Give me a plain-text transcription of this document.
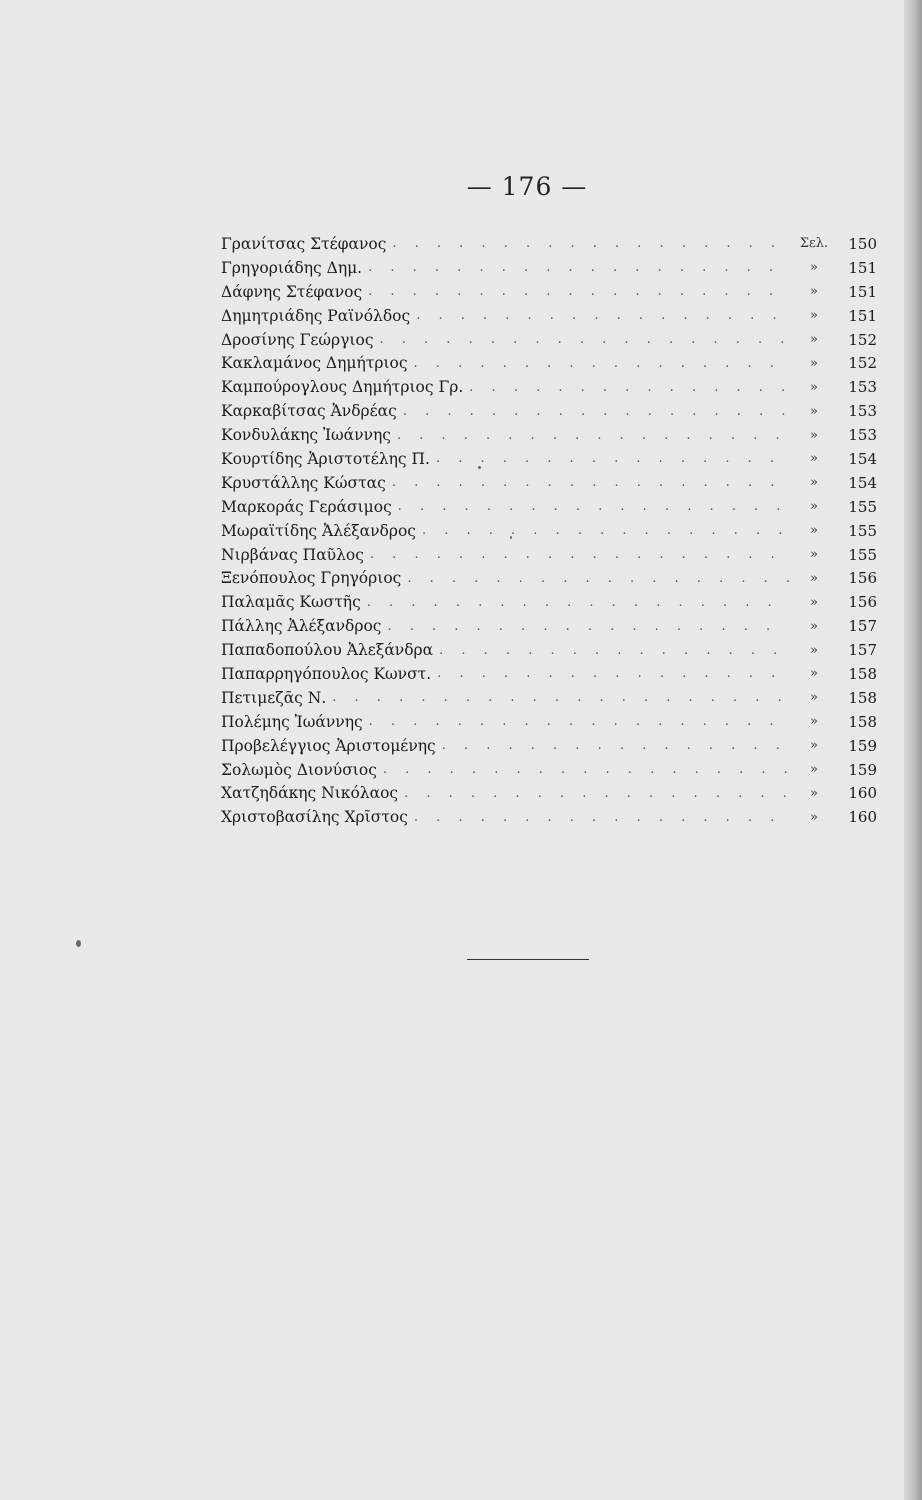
— 176 —
Γρανίτσας Στέφανος . . .	Σελ.	150
Γρηγοριάδης Δημ. . . .	»	151
Δάφνης Στέφανος . . .	»	151
Δημητριάδης Ραϊνόλδος . . .	»	151
Δροσίνης Γεώργιος . . .	»	152
Κακλαμάνος Δημήτριος . . .	»	152
Καμπούρογλους Δημήτριος Γρ. . . .	»	153
Καρκαβίτσας Ἀνδρέας . . .	»	153
Κονδυλάκης Ἰωάννης . . .	»	153
Κουρτίδης Ἀριστοτέλης Π. . . .	»	154
Κρυστάλλης Κώστας . . .	»	154
Μαρκοράς Γεράσιμος . . .	»	155
Μωραϊτίδης Ἀλέξανδρος . . .	»	155
Νιρβάνας Παῦλος . . .	»	155
Ξενόπουλος Γρηγόριος . . .	»	156
Παλαμᾶς Κωστῆς . . .	»	156
Πάλλης Ἀλέξανδρος . . .	»	157
Παπαδοπούλου Ἀλεξάνδρα . . .	»	157
Παπαρρηγόπουλος Κωνστ. . . .	»	158
Πετιμεζᾶς Ν. . . .	»	158
Πολέμης Ἰωάννης . . .	»	158
Προβελέγγιος Ἀριστομένης . . .	»	159
Σολωμὸς Διονύσιος . . .	»	159
Χατζηδάκης Νικόλαος . . .	»	160
Χριστοβασίλης Χρῖστος . . .	»	160
